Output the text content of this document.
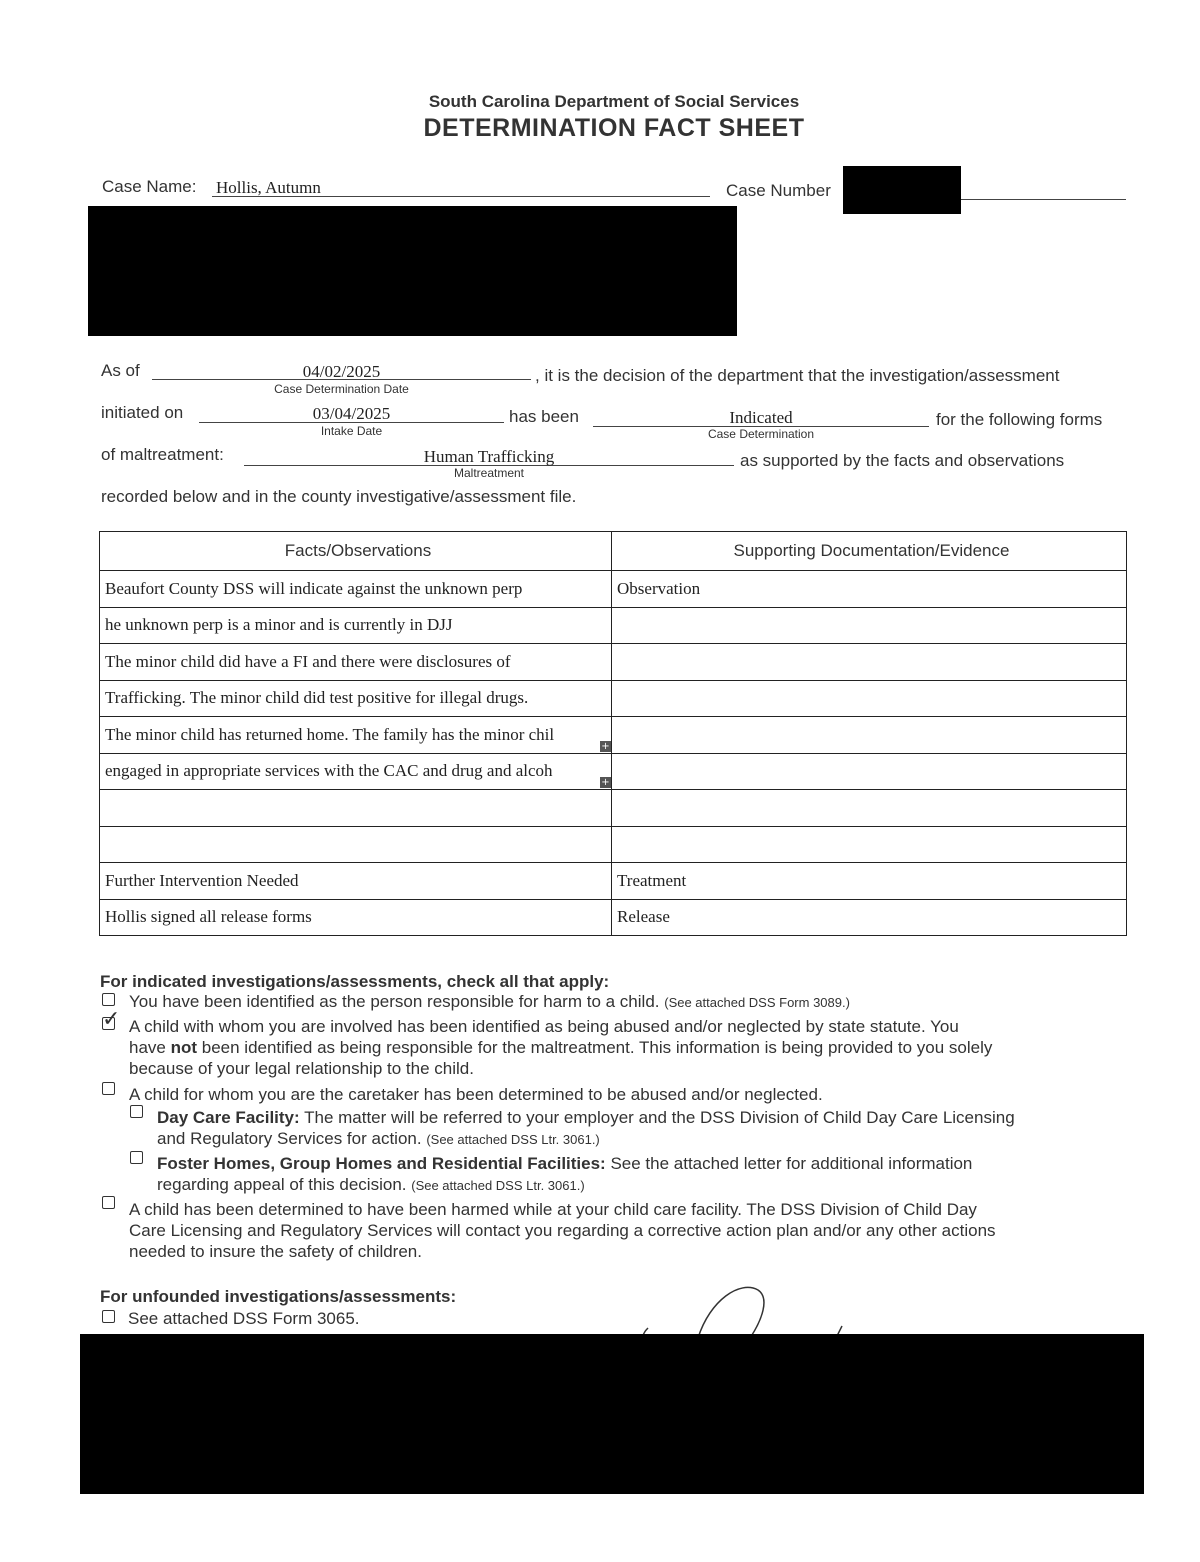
South Carolina Department of Social Services
DETERMINATION FACT SHEET
Case Name: Hollis, Autumn	Case Number
As of	04/02/2025
Case Determination Date
, it is the decision of the department that the investigation/assessment
initiated on	03/04/2025
Intake Date
has been	Indicated
Case Determination
for the following forms
of maltreatment:	Human Trafficking
Maltreatment
as supported by the facts and observations
recorded below and in the county investigative/assessment file.
Facts/Observations	Supporting Documentation/Evidence
Beaufort County DSS will indicate against the unknown perp	Observation
he unknown perp is a minor and is currently in DJJ	
The minor child did have a FI and there were disclosures of	
Trafficking. The minor child did test positive for illegal drugs.	
The minor child has returned home. The family has the minor chil
+	

engaged in appropriate services with the CAC and drug and alcoh
+	

Further Intervention Needed	Treatment
Hollis signed all release forms	Release
For indicated investigations/assessments, check all that apply:
You have been identified as the person responsible for harm to a child. (See attached DSS Form 3089.)
✓ A child with whom you are involved has been identified as being abused and/or neglected by state statute. You
have not been identified as being responsible for the maltreatment. This information is being provided to you solely
because of your legal relationship to the child.
A child for whom you are the caretaker has been determined to be abused and/or neglected.
Day Care Facility: The matter will be referred to your employer and the DSS Division of Child Day Care Licensing
and Regulatory Services for action. (See attached DSS Ltr. 3061.)
Foster Homes, Group Homes and Residential Facilities: See the attached letter for additional information
regarding appeal of this decision. (See attached DSS Ltr. 3061.)
A child has been determined to have been harmed while at your child care facility. The DSS Division of Child Day
Care Licensing and Regulatory Services will contact you regarding a corrective action plan and/or any other actions
needed to insure the safety of children.
For unfounded investigations/assessments:
See attached DSS Form 3065.
